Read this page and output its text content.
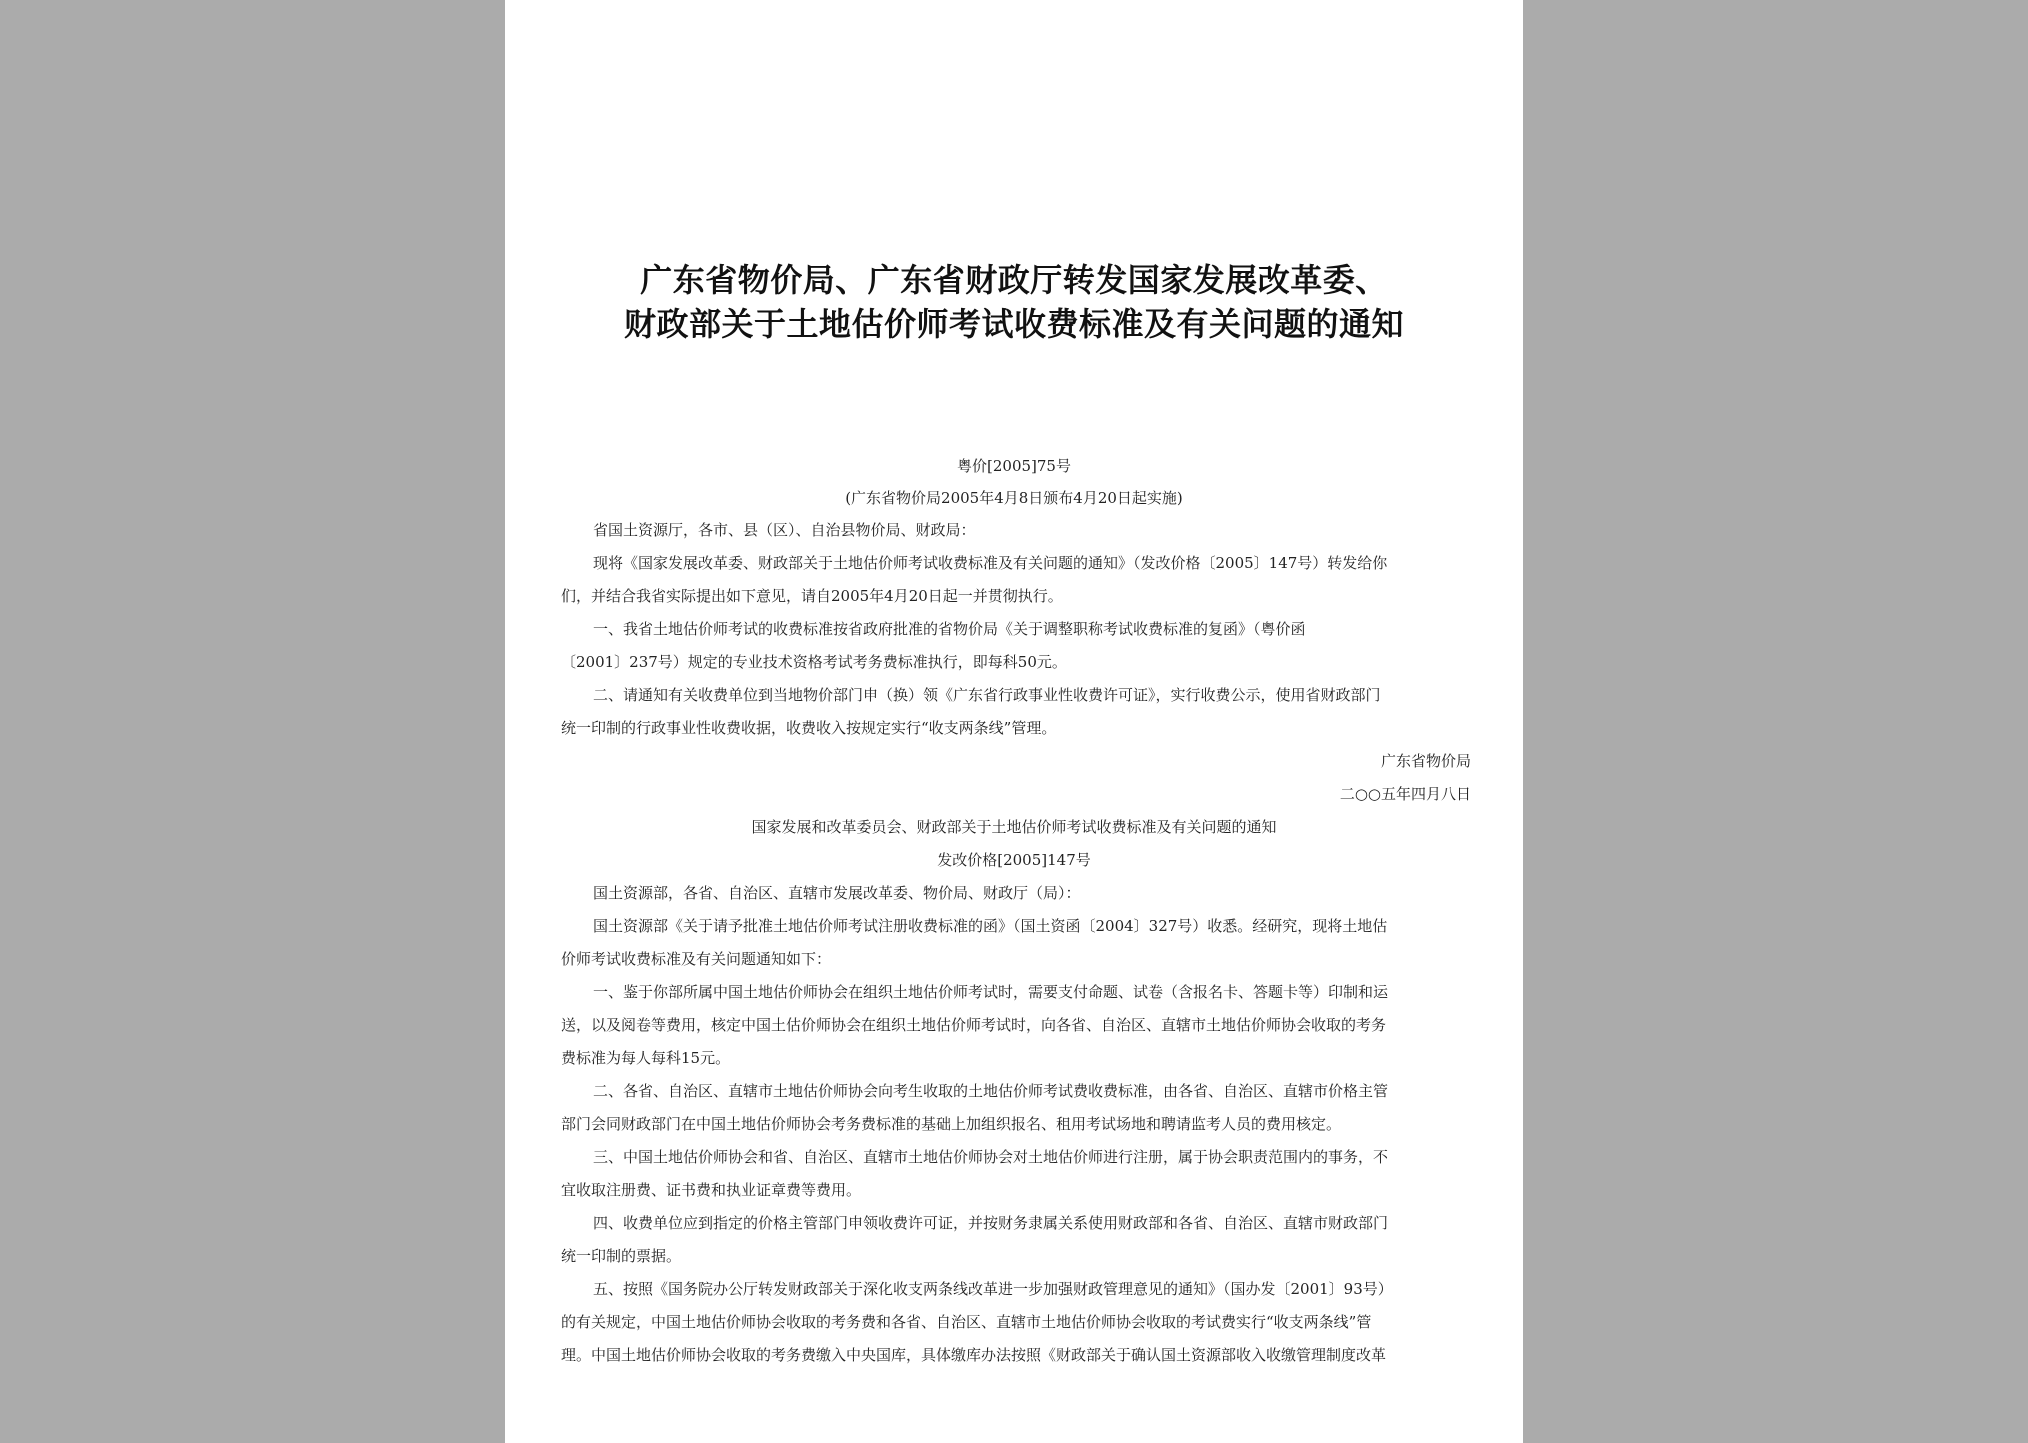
广东省物价局、广东省财政厅转发国家发展改革委、
财政部关于土地估价师考试收费标准及有关问题的通知
粤价[2005]75号
(广东省物价局2005年4月8日颁布4月20日起实施)
省国土资源厅，各市、县（区）、自治县物价局、财政局：
现将《国家发展改革委、财政部关于土地估价师考试收费标准及有关问题的通知》（发改价格〔2005〕147号）转发给你
们，并结合我省实际提出如下意见，请自2005年4月20日起一并贯彻执行。
一、我省土地估价师考试的收费标准按省政府批准的省物价局《关于调整职称考试收费标准的复函》（粤价函
〔2001〕237号）规定的专业技术资格考试考务费标准执行，即每科50元。
二、请通知有关收费单位到当地物价部门申（换）领《广东省行政事业性收费许可证》，实行收费公示，使用省财政部门
统一印制的行政事业性收费收据，收费收入按规定实行“收支两条线”管理。
广东省物价局
二○○五年四月八日
国家发展和改革委员会、财政部关于土地估价师考试收费标准及有关问题的通知
发改价格[2005]147号
国土资源部，各省、自治区、直辖市发展改革委、物价局、财政厅（局）：
国土资源部《关于请予批准土地估价师考试注册收费标准的函》（国土资函〔2004〕327号）收悉。经研究，现将土地估
价师考试收费标准及有关问题通知如下：
一、鉴于你部所属中国土地估价师协会在组织土地估价师考试时，需要支付命题、试卷（含报名卡、答题卡等）印制和运
送，以及阅卷等费用，核定中国土估价师协会在组织土地估价师考试时，向各省、自治区、直辖市土地估价师协会收取的考务
费标准为每人每科15元。
二、各省、自治区、直辖市土地估价师协会向考生收取的土地估价师考试费收费标准，由各省、自治区、直辖市价格主管
部门会同财政部门在中国土地估价师协会考务费标准的基础上加组织报名、租用考试场地和聘请监考人员的费用核定。
三、中国土地估价师协会和省、自治区、直辖市土地估价师协会对土地估价师进行注册，属于协会职责范围内的事务，不
宜收取注册费、证书费和执业证章费等费用。
四、收费单位应到指定的价格主管部门申领收费许可证，并按财务隶属关系使用财政部和各省、自治区、直辖市财政部门
统一印制的票据。
五、按照《国务院办公厅转发财政部关于深化收支两条线改革进一步加强财政管理意见的通知》（国办发〔2001〕93号）
的有关规定，中国土地估价师协会收取的考务费和各省、自治区、直辖市土地估价师协会收取的考试费实行“收支两条线”管
理。中国土地估价师协会收取的考务费缴入中央国库，具体缴库办法按照《财政部关于确认国土资源部收入收缴管理制度改革
